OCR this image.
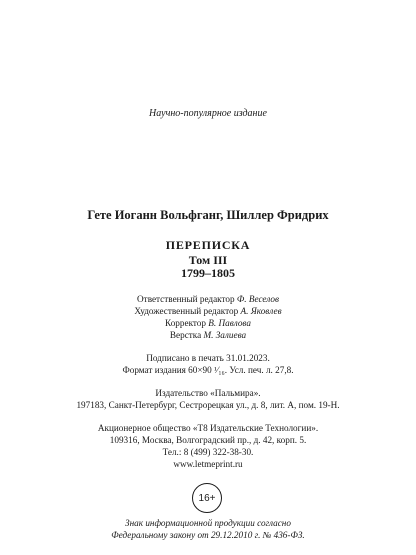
Научно-популярное издание
Гете Иоганн Вольфганг, Шиллер Фридрих
ПЕРЕПИСКА
Том III
1799–1805
Ответственный редактор Ф. Веселов
Художественный редактор А. Яковлев
Корректор В. Павлова
Верстка М. Залиева
Подписано в печать 31.01.2023.
Формат издания 60×90 ¹⁄₁₆. Усл. печ. л. 27,8.
Издательство «Пальмира».
197183, Санкт-Петербург, Сестрорецкая ул., д. 8, лит. А, пом. 19-Н.
Акционерное общество «Т8 Издательские Технологии».
109316, Москва, Волгоградский пр., д. 42, корп. 5.
Тел.: 8 (499) 322-38-30.
www.letmeprint.ru
16+
Знак информационной продукции согласно
Федеральному закону от 29.12.2010 г. № 436-ФЗ.
